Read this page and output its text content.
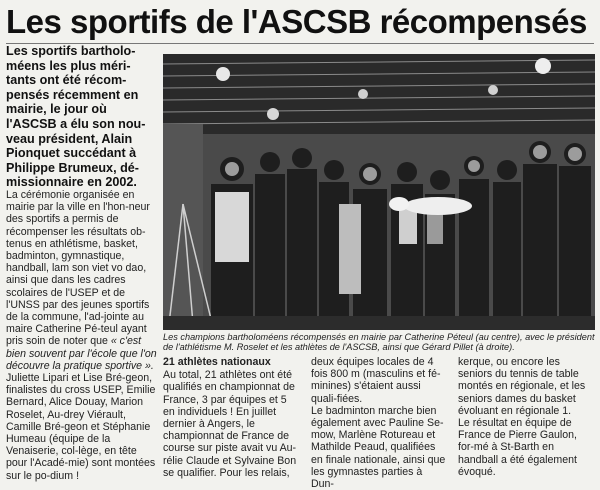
Les sportifs de l'ASCSB récompensés
Les sportifs bartholo-méens les plus méri-tants ont été récom-pensés récemment en mairie, le jour où l'ASCSB a élu son nou-veau président, Alain Pionquet succédant à Philippe Brumeux, dé-missionnaire en 2002.

La cérémonie organisée en mairie par la ville en l'hon-neur des sportifs a permis de récompenser les résultats ob-tenus en athlétisme, basket, badminton, gymnastique, handball, lam son viet vo dao, ainsi que dans les cadres scolaires de l'USEP et de l'UNSS par des jeunes sportifs de la commune, l'ad-jointe au maire Catherine Pé-teul ayant pris soin de noter que « c'est bien souvent par l'école que l'on découvre la pratique sportive ».

Juliette Lipari et Lise Bré-geon, finalistes du cross USEP, Emilie Bernard, Alice Douay, Marion Roselet, Au-drey Viérault, Camille Bré-geon et Stéphanie Humeau (équipe de la Venaiserie, col-lège, en tête pour l'Acadé-mie) sont montées sur le po-dium !

Les champions bartholoméens récompensés en mairie par Catherine Péteul (au centre), avec le président de l'athlétisme M. Roselet et les athlètes de l'ASCSB, ainsi que Gérard Pillet (à droite).
21 athlètes nationaux

Au total, 21 athlètes ont été qualifiés en championnat de France, 3 par équipes et 5 en individuels ! En juillet dernier à Angers, le championnat de France de course sur piste avait vu Au-rélie Claude et Sylvaine Bon se qualifier. Pour les relais,

deux équipes locales de 4 fois 800 m (masculins et fé-minines) s'étaient aussi quali-fiées.

Le badminton marche bien également avec Pauline Se-mow, Marlène Rotureau et Mathilde Peaud, qualifiées en finale nationale, ainsi que les gymnastes parties à Dun-

kerque, ou encore les seniors du tennis de table montés en régionale, et les seniors dames du basket évoluant en régionale 1.

Le résultat en équipe de France de Pierre Gaulon, for-mé à St-Barth en handball a été également évoqué.
